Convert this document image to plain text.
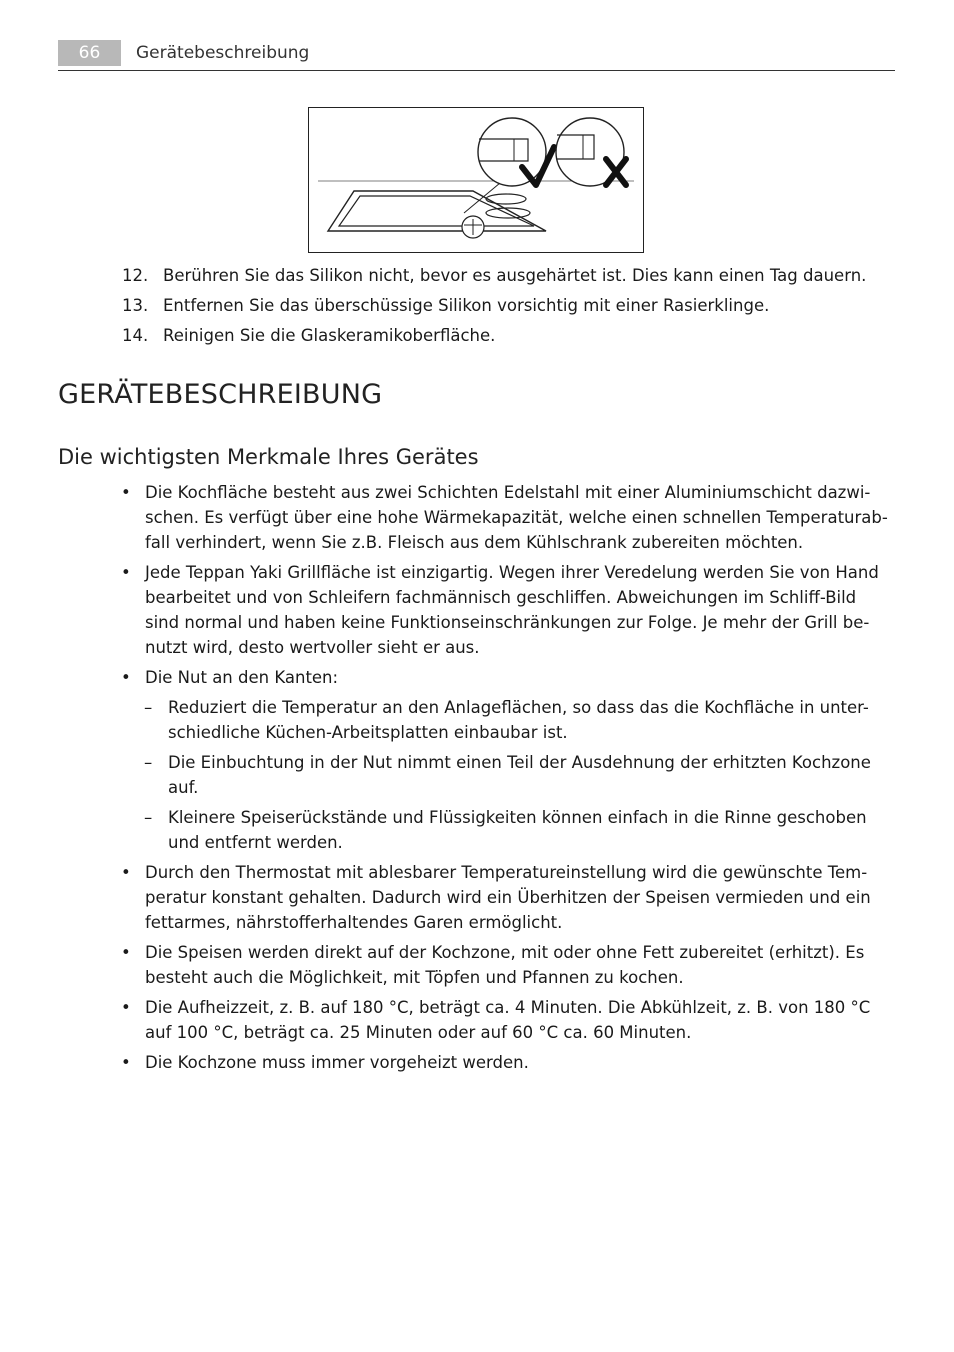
66	Gerätebeschreibung
12. Berühren Sie das Silikon nicht, bevor es ausgehärtet ist. Dies kann einen Tag dauern.
13. Entfernen Sie das überschüssige Silikon vorsichtig mit einer Rasierklinge.
14. Reinigen Sie die Glaskeramikoberfläche.
GERÄTEBESCHREIBUNG
Die wichtigsten Merkmale Ihres Gerätes
• Die Kochfläche besteht aus zwei Schichten Edelstahl mit einer Aluminiumschicht dazwi-
schen. Es verfügt über eine hohe Wärmekapazität, welche einen schnellen Temperaturab-
fall verhindert, wenn Sie z.B. Fleisch aus dem Kühlschrank zubereiten möchten.
• Jede Teppan Yaki Grillfläche ist einzigartig. Wegen ihrer Veredelung werden Sie von Hand
bearbeitet und von Schleifern fachmännisch geschliffen. Abweichungen im Schliff-Bild
sind normal und haben keine Funktionseinschränkungen zur Folge. Je mehr der Grill be-
nutzt wird, desto wertvoller sieht er aus.
• Die Nut an den Kanten:
– Reduziert die Temperatur an den Anlageflächen, so dass das die Kochfläche in unter-
schiedliche Küchen-Arbeitsplatten einbaubar ist.
– Die Einbuchtung in der Nut nimmt einen Teil der Ausdehnung der erhitzten Kochzone
auf.
– Kleinere Speiserückstände und Flüssigkeiten können einfach in die Rinne geschoben
und entfernt werden.
• Durch den Thermostat mit ablesbarer Temperatureinstellung wird die gewünschte Tem-
peratur konstant gehalten. Dadurch wird ein Überhitzen der Speisen vermieden und ein
fettarmes, nährstofferhaltendes Garen ermöglicht.
• Die Speisen werden direkt auf der Kochzone, mit oder ohne Fett zubereitet (erhitzt). Es
besteht auch die Möglichkeit, mit Töpfen und Pfannen zu kochen.
• Die Aufheizzeit, z. B. auf 180 °C, beträgt ca. 4 Minuten. Die Abkühlzeit, z. B. von 180 °C
auf 100 °C, beträgt ca. 25 Minuten oder auf 60 °C ca. 60 Minuten.
• Die Kochzone muss immer vorgeheizt werden.
